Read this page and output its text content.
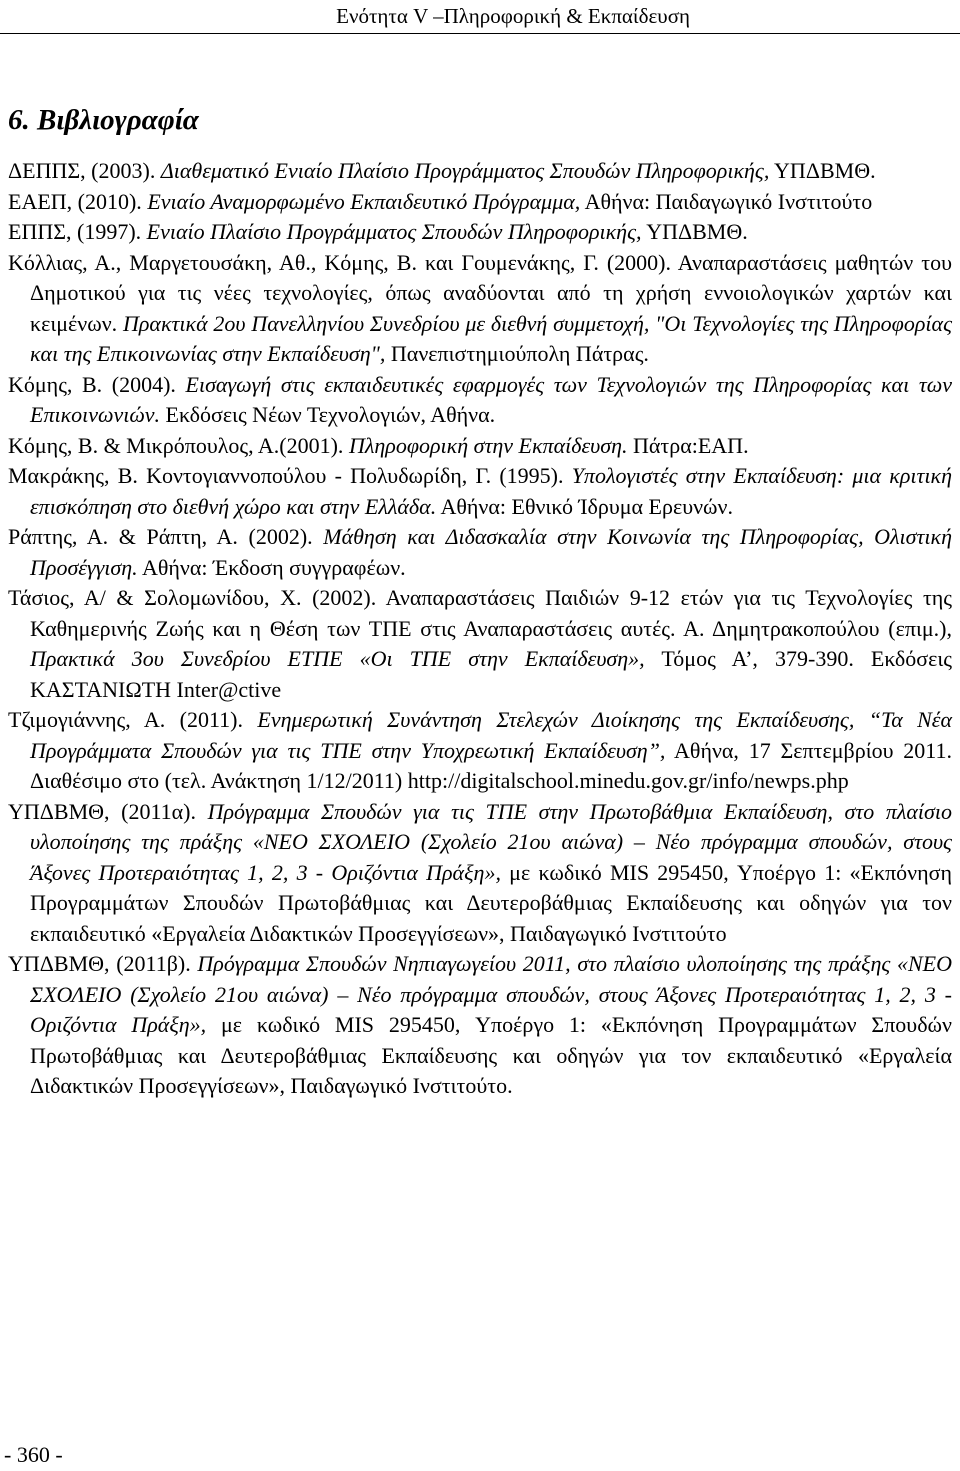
Ενότητα V –Πληροφορική & Εκπαίδευση
6. Βιβλιογραφία
ΔΕΠΠΣ, (2003). Διαθεματικό Ενιαίο Πλαίσιο Προγράμματος Σπουδών Πληροφορικής, ΥΠΔΒΜΘ.
ΕΑΕΠ, (2010). Ενιαίο Αναμορφωμένο Εκπαιδευτικό Πρόγραμμα, Αθήνα: Παιδαγωγικό Ινστιτούτο
ΕΠΠΣ, (1997). Ενιαίο Πλαίσιο Προγράμματος Σπουδών Πληροφορικής, ΥΠΔΒΜΘ.
Κόλλιας, Α., Μαργετουσάκη, Αθ., Κόμης, Β. και Γουμενάκης, Γ. (2000). Αναπαραστάσεις μαθητών του Δημοτικού για τις νέες τεχνολογίες, όπως αναδύονται από τη χρήση εννοιολογικών χαρτών και κειμένων. Πρακτικά 2ου Πανελληνίου Συνεδρίου με διεθνή συμμετοχή, "Οι Τεχνολογίες της Πληροφορίας και της Επικοινωνίας στην Εκπαίδευση", Πανεπιστημιούπολη Πάτρας.
Κόμης, Β. (2004). Εισαγωγή στις εκπαιδευτικές εφαρμογές των Τεχνολογιών της Πληροφορίας και των Επικοινωνιών. Εκδόσεις Νέων Τεχνολογιών, Αθήνα.
Κόμης, Β. & Μικρόπουλος, Α.(2001). Πληροφορική στην Εκπαίδευση. Πάτρα:ΕΑΠ.
Μακράκης, Β. Κοντογιαννοπούλου - Πολυδωρίδη, Γ. (1995). Υπολογιστές στην Εκπαίδευση: μια κριτική επισκόπηση στο διεθνή χώρο και στην Ελλάδα. Αθήνα: Εθνικό Ίδρυμα Ερευνών.
Ράπτης, Α. & Ράπτη, Α. (2002). Μάθηση και Διδασκαλία στην Κοινωνία της Πληροφορίας, Ολιστική Προσέγγιση. Αθήνα: Έκδοση συγγραφέων.
Τάσιος, Α/ & Σολομωνίδου, Χ. (2002). Αναπαραστάσεις Παιδιών 9-12 ετών για τις Τεχνολογίες της Καθημερινής Ζωής και η Θέση των ΤΠΕ στις Αναπαραστάσεις αυτές. Α. Δημητρακοπούλου (επιμ.), Πρακτικά 3ου Συνεδρίου ΕΤΠΕ «Οι ΤΠΕ στην Εκπαίδευση», Τόμος Α’, 379-390. Εκδόσεις ΚΑΣΤΑΝΙΩΤΗ Inter@ctive
Τζιμογιάννης, Α. (2011). Ενημερωτική Συνάντηση Στελεχών Διοίκησης της Εκπαίδευσης, “Τα Νέα Προγράμματα Σπουδών για τις ΤΠΕ στην Υποχρεωτική Εκπαίδευση”, Αθήνα, 17 Σεπτεμβρίου 2011. Διαθέσιμο στο (τελ. Ανάκτηση 1/12/2011) http://digitalschool.minedu.gov.gr/info/newps.php
ΥΠΔΒΜΘ, (2011α). Πρόγραμμα Σπουδών για τις ΤΠΕ στην Πρωτοβάθμια Εκπαίδευση, στο πλαίσιο υλοποίησης της πράξης «ΝΕΟ ΣΧΟΛΕΙΟ (Σχολείο 21ου αιώνα) – Νέο πρόγραμμα σπουδών, στους Άξονες Προτεραιότητας 1, 2, 3 - Οριζόντια Πράξη», με κωδικό MIS 295450, Υποέργο 1: «Εκπόνηση Προγραμμάτων Σπουδών Πρωτοβάθμιας και Δευτεροβάθμιας Εκπαίδευσης και οδηγών για τον εκπαιδευτικό «Εργαλεία Διδακτικών Προσεγγίσεων», Παιδαγωγικό Ινστιτούτο
ΥΠΔΒΜΘ, (2011β). Πρόγραμμα Σπουδών Νηπιαγωγείου 2011, στο πλαίσιο υλοποίησης της πράξης «ΝΕΟ ΣΧΟΛΕΙΟ (Σχολείο 21ου αιώνα) – Νέο πρόγραμμα σπουδών, στους Άξονες Προτεραιότητας 1, 2, 3 - Οριζόντια Πράξη», με κωδικό MIS 295450, Υποέργο 1: «Εκπόνηση Προγραμμάτων Σπουδών Πρωτοβάθμιας και Δευτεροβάθμιας Εκπαίδευσης και οδηγών για τον εκπαιδευτικό «Εργαλεία Διδακτικών Προσεγγίσεων», Παιδαγωγικό Ινστιτούτο.
- 360 -
